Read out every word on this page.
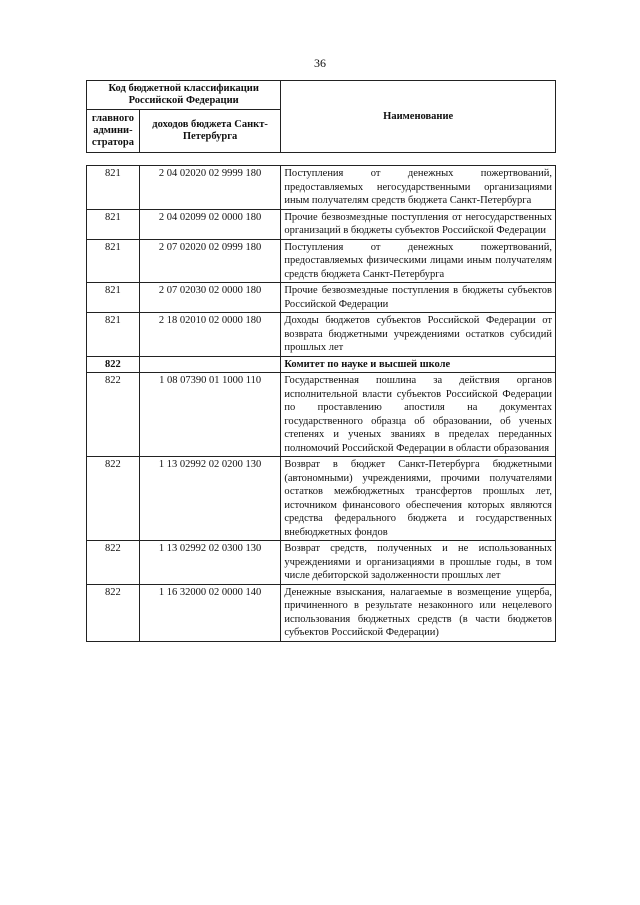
36
Код бюджетной классификации Российской Федерации		Наименование
главного админи-стратора	доходов бюджета Санкт-Петербурга	
821	2 04 02020 02 9999 180	Поступления от денежных пожертвований, предоставляемых негосударственными организациями иным получателям средств бюджета Санкт-Петербурга
821	2 04 02099 02 0000 180	Прочие безвозмездные поступления от негосударственных организаций в бюджеты субъектов Российской Федерации
821	2 07 02020 02 0999 180	Поступления от денежных пожертвований, предоставляемых физическими лицами иным получателям средств бюджета Санкт-Петербурга
821	2 07 02030 02 0000 180	Прочие безвозмездные поступления в бюджеты субъектов Российской Федерации
821	2 18 02010 02 0000 180	Доходы бюджетов субъектов Российской Федерации от возврата бюджетными учреждениями остатков субсидий прошлых лет
822		Комитет по науке и высшей школе
822	1 08 07390 01 1000 110	Государственная пошлина за действия органов исполнительной власти субъектов Российской Федерации по проставлению апостиля на документах государственного образца об образовании, об ученых степенях и ученых званиях в пределах переданных полномочий Российской Федерации в области образования
822	1 13 02992 02 0200 130	Возврат в бюджет Санкт-Петербурга бюджетными (автономными) учреждениями, прочими получателями остатков межбюджетных трансфертов прошлых лет, источником финансового обеспечения которых являются средства федерального бюджета и государственных внебюджетных фондов
822	1 13 02992 02 0300 130	Возврат средств, полученных и не использованных учреждениями и организациями в прошлые годы, в том числе дебиторской задолженности прошлых лет
822	1 16 32000 02 0000 140	Денежные взыскания, налагаемые в возмещение ущерба, причиненного в результате незаконного или нецелевого использования бюджетных средств (в части бюджетов субъектов Российской Федерации)
